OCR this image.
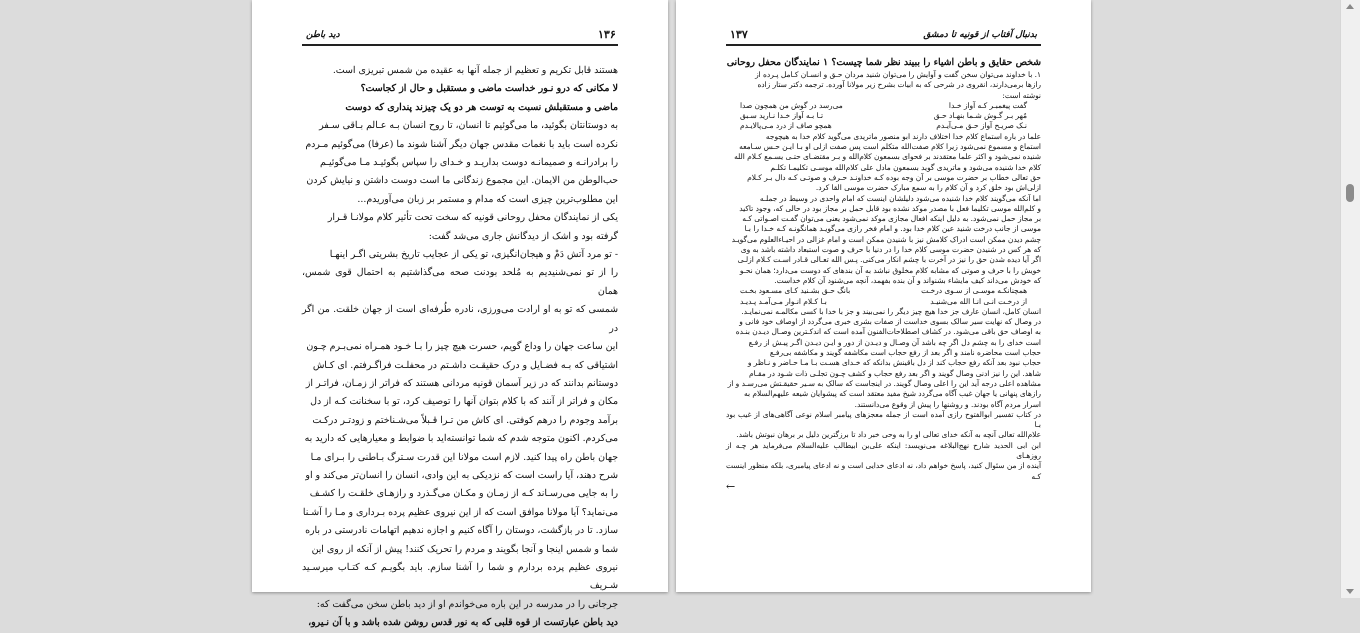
۱۳۶
دید باطن

هستند قابل تکریم و تعظیم از جمله آنها به عقیده من شمس تبریزی است.

لا مکانی که درو نـور خداست ماضی و مستقبل و حال از کجاست؟

ماضی و مستقبلش نسبت به توست هر دو یک چیزند پنداری که دوست

به دوستانتان بگوئید، ما می‌گوئیم تا انسان، تا روح انسان بـه عـالم بـاقی سـفر

نکرده است باید با نغمات مقدس جهان دیگر آشنا شوند ما (عرفا) می‌گوئیم مـردم

را برادرانـه و صمیمانـه دوست بداریـد و خـدای را سپاس بگوئیـد مـا می‌گوئیـم

حب‌الوطن من الایمان. این مجموع زندگانی ما است دوست داشتن و نیایش کردن

این مطلوب‌ترین چیزی است که مدام و مستمر بر زبان می‌آوریدم...

یکی از نمایندگان محفل روحانی قونیه که سخت تحت تأثیر کلام مولانـا قـرار

گرفته بود و اشک از دیدگانش جاری می‌شد گفت:

- تو مرد آتش دَمْ و هیجان‌انگیزی، تو یکی از عجایب تاریخ بشریتی اگـر اینهـا

را از تو نمی‌شنیدیم به مُلحد بودنت صحه می‌گذاشتیم به احتمال قوی شمس، همان

شمسی که تو به او ارادت می‌ورزی، نادره طُرفه‌ای است از جهان خلقت. من اگر در

این ساعت جهان را وداع گویم، حسرت هیچ چیز را بـا خـود همـراه نمی‌بـرم چـون

اشتیاقی که بـه فضـایل و درک حقیقـت داشـتم در محفلـت فراگـرفتم. ای کـاش

دوستانم بدانند که در زیر آسمان قونیه مردانی هستند که فراتر از زمـان، فراتـر از

مکان و فراتر از آنند که با کلام بتوان آنها را توصیف کرد، تو با سخنانت کـه از دل

برآمد وجودم را درهم کوفتی. ای کاش من تـرا قـبلاً می‌شـناختم و زودتـر درکـت

می‌کردم. اکنون متوجه شدم که شما توانسته‌اید با ضوابط و معیارهایی که دارید به

جهان باطن راه پیدا کنید. لازم است مولانا این قدرت سـترگ بـاطنی را بـرای مـا

شرح دهند، آیا راست است که نزدیکی به این وادی، انسان را انسان‌تر می‌کند و او

را به جایی می‌رسـاند کـه از زمـان و مکـان می‌گـذرد و رازهـای خلقـت را کشـف

می‌نماید؟ آیا مولانا موافق است که از این نیروی عظیم پرده بـرداری و مـا را آشـنا

سازد. تا در بازگشت، دوستان را آگاه کنیم و اجازه ندهیم اتهامات نادرستی در باره

شما و شمس اینجا و آنجا بگویند و مردم را تحریک کنند! پیش از آنکه از روی این

نیروی عظیم پرده بردارم و شما را آشنا سازم. باید بگویـم کـه کتـاب میرسـید شـریف

جرجانی را در مدرسه در این باره می‌خواندم او از دید باطن سخن می‌گفت که:

دید باطن عبارتست از قوه قلبی که به نور قدس روشن شده باشد و با آن نـیرو،

۱۳۷	بدنبال آفتاب از قونیه تا دمشق

شخص حقایق و باطن اشیاء را ببیند نظر شما چیست؟ ۱ نمایندگان محفل روحانی

۱. با خداوند می‌توان سخن گفت و آوایش را می‌توان شنید مردان حـق و انسـان کـامل پـرده از

رازها برمی‌دارند، انقروی در شرحی که به ابیات بشرح زیر مولانا آورده. ترجمه دکتر ستار زاده

نوشته است:

گفت پیغمبـر کـه آواز خـدا
می‌رسد در گوش من همچون صدا
مُهر بـر گـوش شـما بنهـاد حـق
تـا بـه آواز خـدا نـارید سـبق
نـک صریـح آواز حـق مـی‌آیـدم
همچو صاف از درد مـی‌پالایـدم

علما در باره استماع کلام خدا اختلاف دارند ابو منصور ماتریدی می‌گوید کلام خدا به هیچوجه

استماع و مسموع نمی‌شود زیرا کلام صفت‌الله متکلم است پس صفت ازلی او بـا ایـن حـس سـامعه

شنیده نمی‌شود و اکثر علما معتقدند بر فحوای بسمعون کلام‌الله و بـر مقتضـای حتـی یسـمع کـلام الله

کلام خدا شنیده می‌شود و ماتریدی گوید بسمعون مادل علی کلام‌الله موسـی تکلیمـا تکلـم

حق تعالی خطاب بر حضرت موسی بر آن وجه بوده کـه خداونـد حـرف و صوتـی کـه دال بـر کـلام

ازلی‌اش بود خلق کرد و آن کلام را به سمع مبارک حضرت موسی القا کرد.

اما آنکه می‌گویند کلام خدا شنیده می‌شود دلیلشان اینست که امام واحدی در وسیط در جملـه

و کلم‌الله موسی تکلیما فعل با مصدر موکد نشده بود قابل حمل بر مجاز بود در حالی که، وجود تاکید

بر مجاز حمل نمی‌شود. به دلیل اینکه افعال مجازی موکد نمی‌شود یعنی می‌توان گفـت اصـواتی کـه

موسی از جانب درخت شنید عین کلام خدا بود. و امام فخر رازی می‌گویـد همانگونـه کـه خـدا را بـا

چشم دیدن ممکن است ادراک کلامش نیز با شنیدن ممکن است و امام غزالی در احیـاءالعلوم می‌گویـد

که هر کس در شنیدن حضرت موسی کلام خدا را در دنیا با حرف و صوت استبعاد داشته باشد به وی

اگر آیا دیده شدن حق را نیز در آخرت با چشم انکار می‌کنی. پـس الله تعـالی قـادر اسـت کـلام ازلـی

خویش را با حرف و صوتی که مشابه کلام مخلوق نباشد به آن بندهای که دوست می‌دارد؛ همان نحـو

که خودش می‌داند کیف ما‌یشاء بشنواند و آن بنده بفهمد، آنچه می‌شنود آن کلام خداست.

همچنانکـه موسـی از سـوی درخـت
بانگ حـق بشـنید کـای مسـعود بخـت
از درخـت انـی انـا الله می‌شنیـد
بـا کـلام انـوار مـی‌آمـد پـدیـد

انسان کامل، انسان عارف جز خدا هیچ چیز دیگر را نمی‌بیند و جز با خدا با کسی مکالمـه نمی‌نمایـد.

در وصال که نهایت سیر سالک بسوی خداست از صفات بشری خبری می‌گردد از اوصاف خود فانی و

به اوصاف حق باقی می‌شود. در کشاف اصطلاحات‌الفنون آمده است که اندکـترین وصـال دیـدن بنـده

است خدای را به چشم دل اگر چه باشد آن وصـال و دیـدن از دور و ایـن دیـدن اگـر پیـش از رفـع

حجاب است محاضره نامند و اگر بعد از رفع حجاب است مکاشفه گویند و مکاشفه بی‌رفـع

حجاب نبود بعد آنکه رفع حجاب کند از دل باقینش بدانکه که خـدای هسـت بـا مـا حـاضر و نـاظر و

شاهد. این را نیز ادنی وصال گویند و اگر بعد رفع حجاب و کشف چـون تجلـی ذات شـود در مقـام

مشاهده اعلی درجه آید این را اعلی وصال گویند. در اینجاست که سالک به سـیر حقیقـتش می‌رسـد و از

رازهای پنهانی یا جهان غیب آگاه می‌گردد شیخ مفید معتقد است که پیشوایان شیعه علیهم‌السلام به

اسرار مردم آگاه بودند. و روشنها را پیش از وقوع می‌دانستند.

در کتاب تفسیر ابوالفتوح رازی آمده است از جمله معجزهای پیامبر اسلام نوعی آگاهی‌های از غیب بود بـا

علام‌الله تعالی آنچه به آنکه خدای تعالی او را به وحی خبر داد تا برزگترین دلیل بر برهان نبوتش باشد.

ابن ابی الحدید شارح نهج‌البلاغه می‌نویسد: اینکه علی‌بن ابیطالب علیه‌السلام می‌فرماید هر چـه از روزهـای

آینده از من سئوال کنید، پاسخ خواهم داد، نه ادعای خدایی است و نه ادعای پیامبری، بلکه منظور اینست کـه

←
